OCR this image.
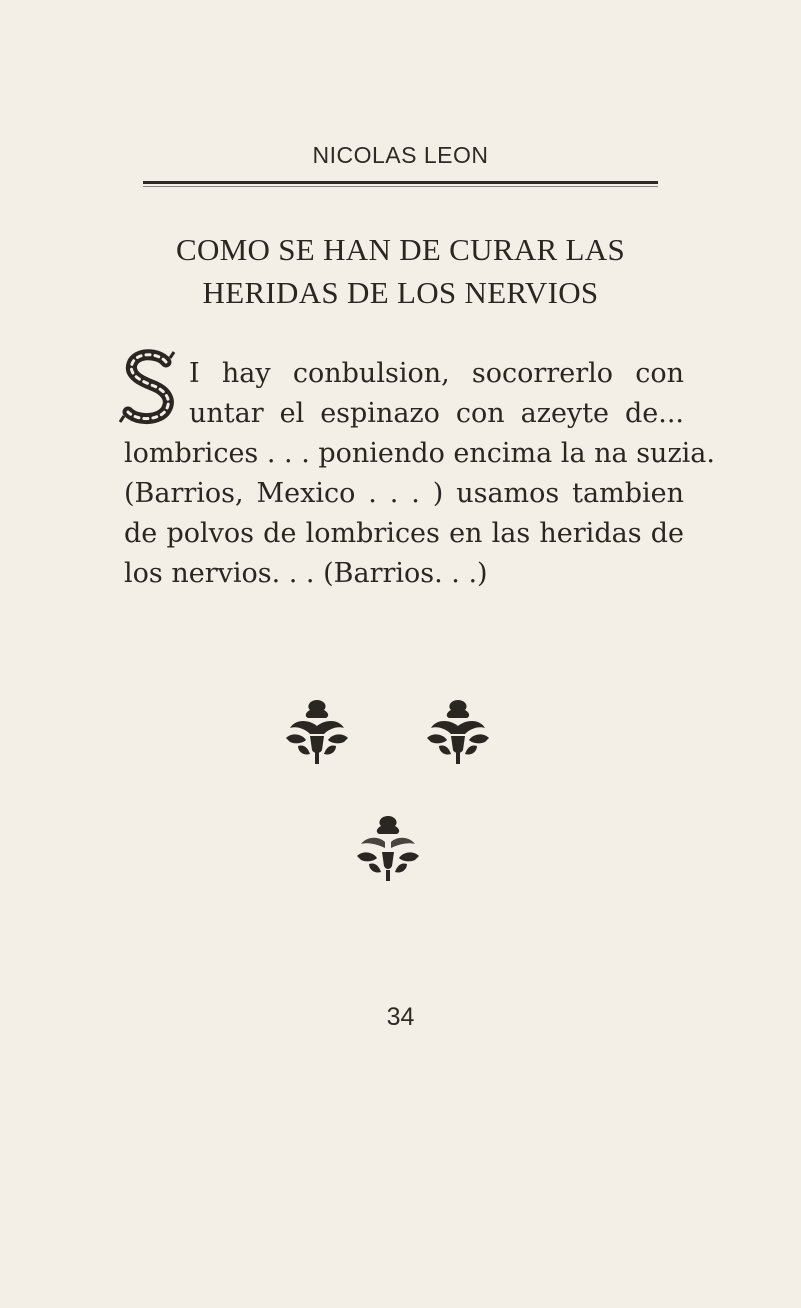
NICOLAS LEON
COMO SE HAN DE CURAR LAS
HERIDAS DE LOS NERVIOS
I hay conbulsion, socorrerlo con
untar el espinazo con azeyte de...
lombrices . . . poniendo encima la na suzia.
(Barrios, Mexico . . . ) usamos tambien
de polvos de lombrices en las heridas de
los nervios. . . (Barrios. . .)
34
